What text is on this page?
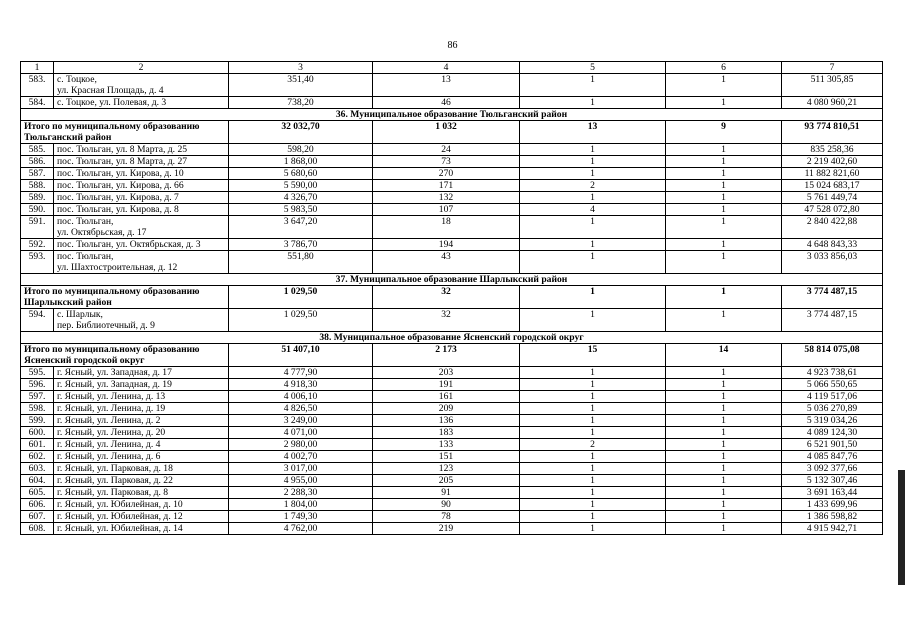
86
1	2	3	4	5	6	7
583.	с. Тоцкое,
ул. Красная Площадь, д. 4	351,40	13	1	1	511 305,85
584.	с. Тоцкое, ул. Полевая, д. 3	738,20	46	1	1	4 080 960,21
36. Муниципальное образование Тюльганский район						

Итого по муниципальному образованию
Тюльганский район		32 032,70	1 032	13	9	93 774 810,51
585.	пос. Тюльган, ул. 8 Марта, д. 25	598,20	24	1	1	835 258,36
586.	пос. Тюльган, ул. 8 Марта, д. 27	1 868,00	73	1	1	2 219 402,60
587.	пос. Тюльган, ул. Кирова, д. 10	5 680,60	270	1	1	11 882 821,60
588.	пос. Тюльган, ул. Кирова, д. 66	5 590,00	171	2	1	15 024 683,17
589.	пос. Тюльган, ул. Кирова, д. 7	4 326,70	132	1	1	5 761 449,74
590.	пос. Тюльган, ул. Кирова, д. 8	5 983,50	107	4	1	47 528 072,80
591.	пос. Тюльган,
ул. Октябрьская, д. 17	3 647,20	18	1	1	2 840 422,88
592.	пос. Тюльган, ул. Октябрьская, д. 3	3 786,70	194	1	1	4 648 843,33
593.	пос. Тюльган,
ул. Шахтостроительная, д. 12	551,80	43	1	1	3 033 856,03
37. Муниципальное образование Шарлыкский район						

Итого по муниципальному образованию
Шарлыкский район		1 029,50	32	1	1	3 774 487,15
594.	с. Шарлык,
пер. Библиотечный, д. 9	1 029,50	32	1	1	3 774 487,15
38. Муниципальное образование Ясненский городской округ						

Итого по муниципальному образованию
Ясненский городской округ		51 407,10	2 173	15	14	58 814 075,08
595.	г. Ясный, ул. Западная, д. 17	4 777,90	203	1	1	4 923 738,61
596.	г. Ясный, ул. Западная, д. 19	4 918,30	191	1	1	5 066 550,65
597.	г. Ясный, ул. Ленина, д. 13	4 006,10	161	1	1	4 119 517,06
598.	г. Ясный, ул. Ленина, д. 19	4 826,50	209	1	1	5 036 270,89
599.	г. Ясный, ул. Ленина, д. 2	3 249,00	136	1	1	5 319 034,26
600.	г. Ясный, ул. Ленина, д. 20	4 071,00	183	1	1	4 089 124,30
601.	г. Ясный, ул. Ленина, д. 4	2 980,00	133	2	1	6 521 901,50
602.	г. Ясный, ул. Ленина, д. 6	4 002,70	151	1	1	4 085 847,76
603.	г. Ясный, ул. Парковая, д. 18	3 017,00	123	1	1	3 092 377,66
604.	г. Ясный, ул. Парковая, д. 22	4 955,00	205	1	1	5 132 307,46
605.	г. Ясный, ул. Парковая, д. 8	2 288,30	91	1	1	3 691 163,44
606.	г. Ясный, ул. Юбилейная, д. 10	1 804,00	90	1	1	1 433 699,96
607.	г. Ясный, ул. Юбилейная, д. 12	1 749,30	78	1	1	1 386 598,82
608.	г. Ясный, ул. Юбилейная, д. 14	4 762,00	219	1	1	4 915 942,71
